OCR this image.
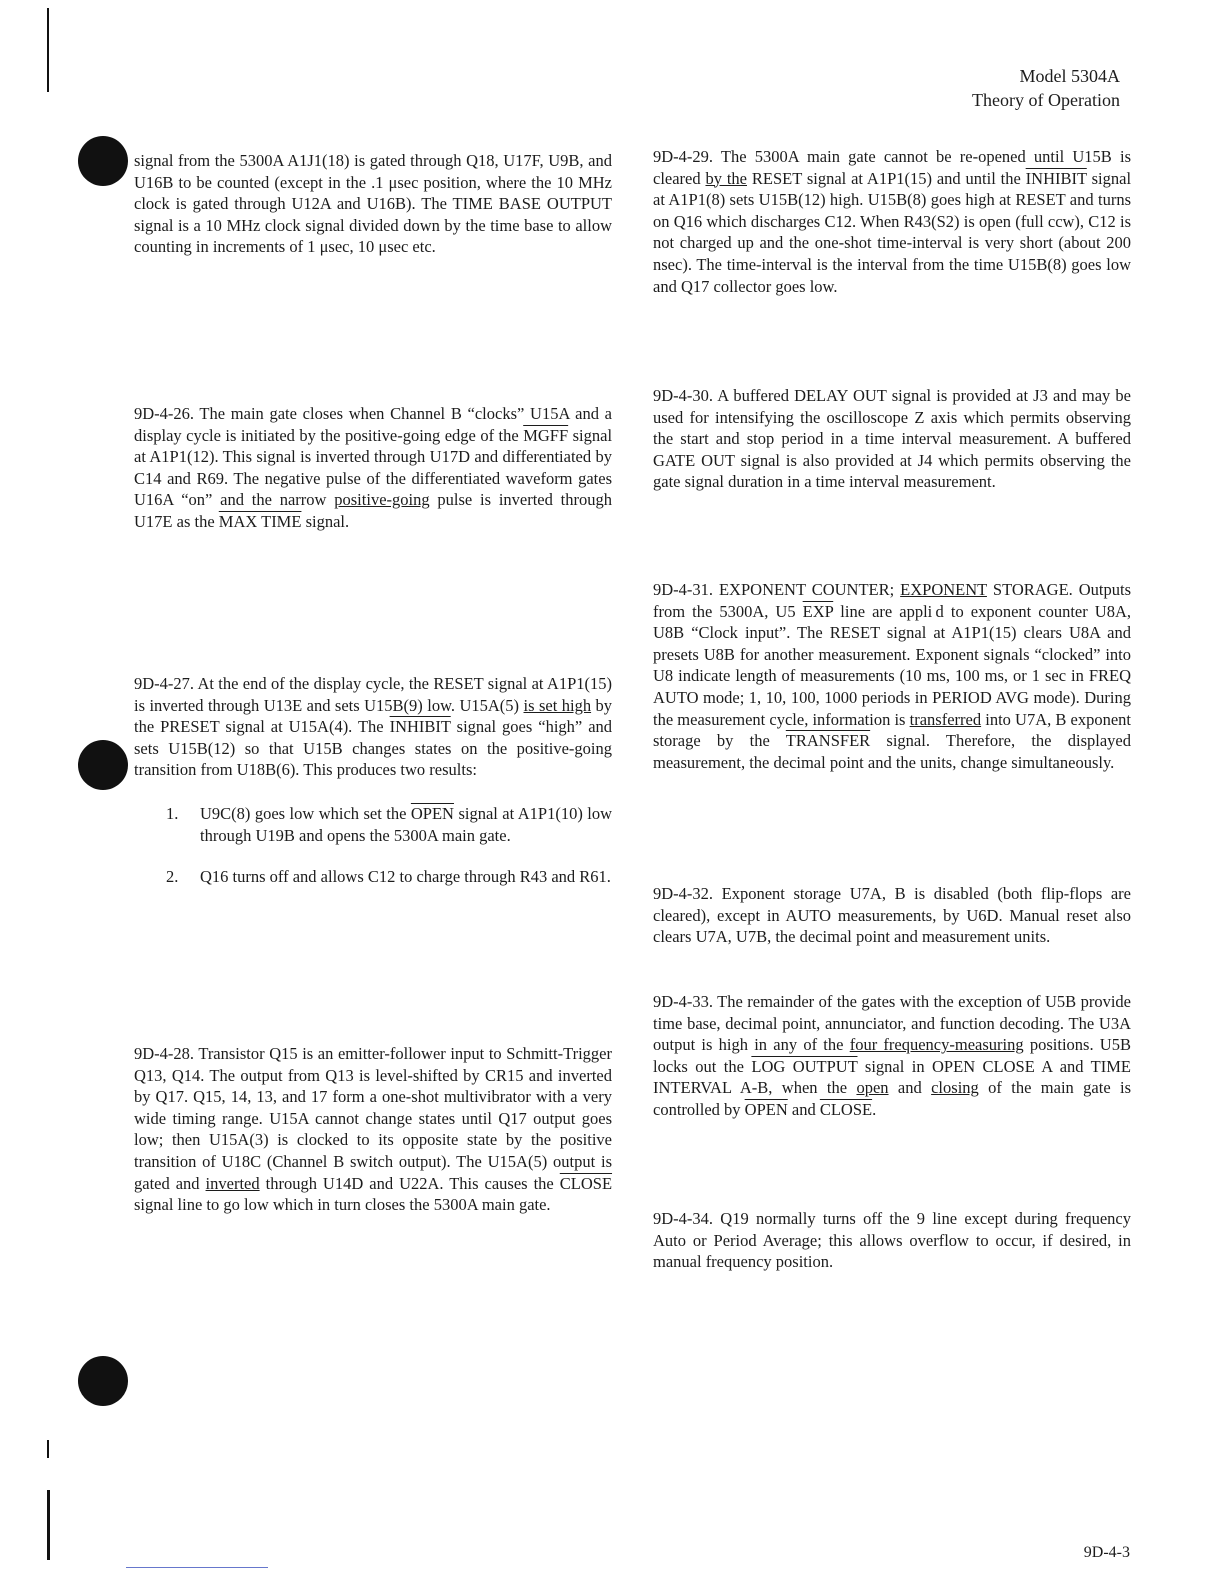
Model 5304A
Theory of Operation

signal from the 5300A A1J1(18) is gated through Q18, U17F, U9B, and U16B to be counted (except in the .1 μsec position, where the 10 MHz clock is gated through U12A and U16B). The TIME BASE OUTPUT signal is a 10 MHz clock signal divided down by the time base to allow counting in increments of 1 μsec, 10 μsec etc.

9D-4-26. The main gate closes when Channel B “clocks” U15A and a display cycle is initiated by the positive-going edge of the MGFF signal at A1P1(12). This signal is inverted through U17D and differentiated by C14 and R69. The negative pulse of the differentiated waveform gates U16A “on” and the narrow positive-going pulse is inverted through U17E as the MAX TIME signal.

9D-4-27. At the end of the display cycle, the RESET signal at A1P1(15) is inverted through U13E and sets U15B(9) low. U15A(5) is set high by the PRESET signal at U15A(4). The INHIBIT signal goes “high” and sets U15B(12) so that U15B changes states on the positive-going transition from U18B(6). This produces two results:

1.	U9C(8) goes low which set the OPEN signal at A1P1(10) low through U19B and opens the 5300A main gate.
2.	Q16 turns off and allows C12 to charge through R43 and R61.

9D-4-28. Transistor Q15 is an emitter-follower input to Schmitt-Trigger Q13, Q14. The output from Q13 is level-shifted by CR15 and inverted by Q17. Q15, 14, 13, and 17 form a one-shot multivibrator with a very wide timing range. U15A cannot change states until Q17 output goes low; then U15A(3) is clocked to its opposite state by the positive transition of U18C (Channel B switch output). The U15A(5) output is gated and inverted through U14D and U22A. This causes the CLOSE signal line to go low which in turn closes the 5300A main gate.

9D-4-29. The 5300A main gate cannot be re-opened until U15B is cleared by the RESET signal at A1P1(15) and until the INHIBIT signal at A1P1(8) sets U15B(12) high. U15B(8) goes high at RESET and turns on Q16 which discharges C12. When R43(S2) is open (full ccw), C12 is not charged up and the one-shot time-interval is very short (about 200 nsec). The time-interval is the interval from the time U15B(8) goes low and Q17 collector goes low.

9D-4-30. A buffered DELAY OUT signal is provided at J3 and may be used for intensifying the oscilloscope Z axis which permits observing the start and stop period in a time interval measurement. A buffered GATE OUT signal is also provided at J4 which permits observing the gate signal duration in a time interval measurement.

9D-4-31. EXPONENT COUNTER; EXPONENT STORAGE. Outputs from the 5300A, U5 $\overline{EXP}$ line are appli d to exponent counter U8A, U8B “Clock input”. The RESET signal at A1P1(15) clears U8A and presets U8B for another measurement. Exponent signals “clocked” into U8 indicate length of measurements (10 ms, 100 ms, or 1 sec in FREQ AUTO mode; 1, 10, 100, 1000 periods in PERIOD AVG mode). During the measurement cycle, information is transferred into U7A, B exponent storage by the TRANSFER signal. Therefore, the displayed measurement, the decimal point and the units, change simultaneously.

9D-4-32. Exponent storage U7A, B is disabled (both flip-flops are cleared), except in AUTO measurements, by U6D. Manual reset also clears U7A, U7B, the decimal point and measurement units.

9D-4-33. The remainder of the gates with the exception of U5B provide time base, decimal point, annunciator, and function decoding. The U3A output is high in any of the four frequency-measuring positions. U5B locks out the LOG OUTPUT signal in OPEN CLOSE A and TIME INTERVAL A-B, when the open and closing of the main gate is controlled by OPEN and CLOSE.

9D-4-34. Q19 normally turns off the 9 line except during frequency Auto or Period Average; this allows overflow to occur, if desired, in manual frequency position.

9D-4-3
